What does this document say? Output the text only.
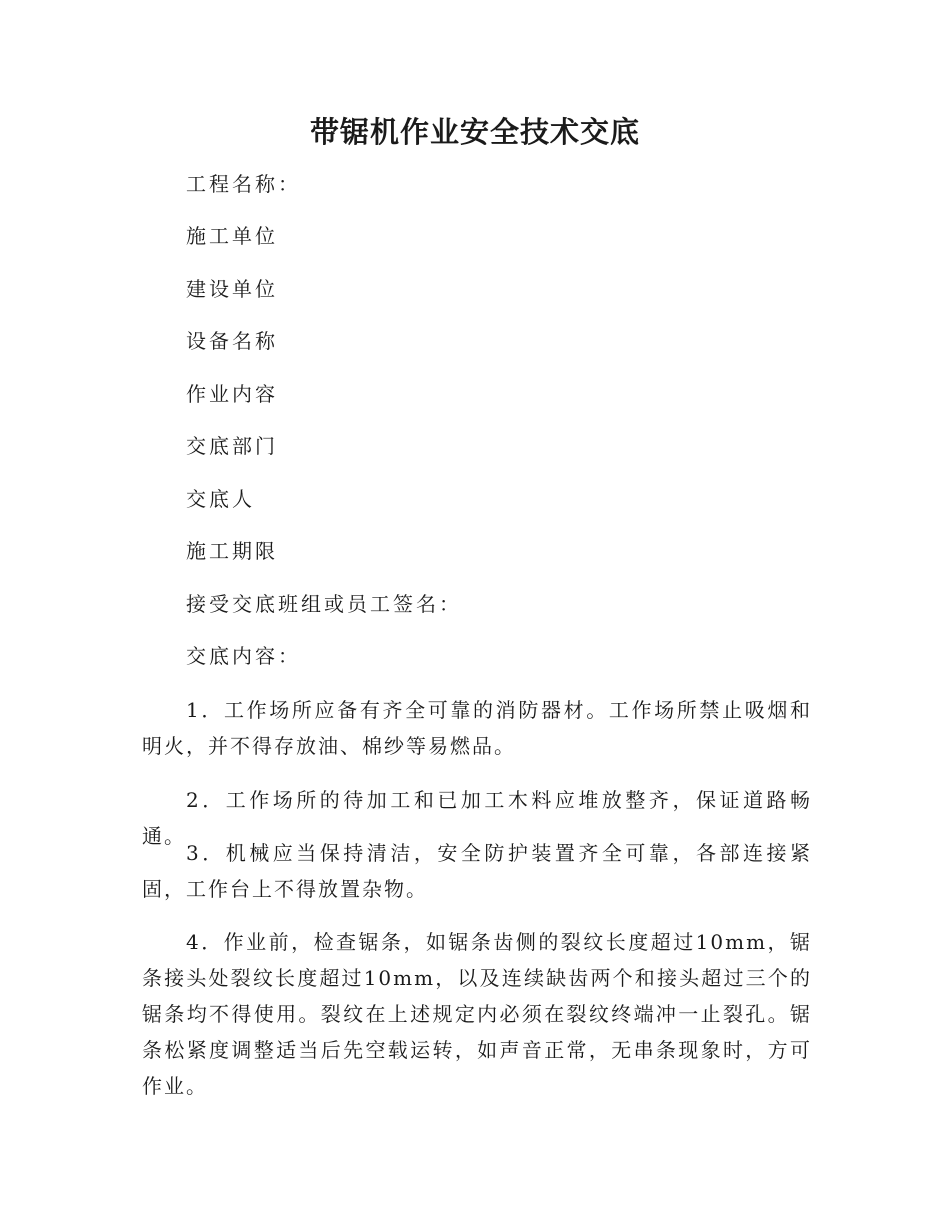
带锯机作业安全技术交底
工程名称：
施工单位
建设单位
设备名称
作业内容
交底部门
交底人
施工期限
接受交底班组或员工签名：
交底内容：
1．工作场所应备有齐全可靠的消防器材。工作场所禁止吸烟和明火，并不得存放油、棉纱等易燃品。
2．工作场所的待加工和已加工木料应堆放整齐，保证道路畅通。
3．机械应当保持清洁，安全防护装置齐全可靠，各部连接紧固，工作台上不得放置杂物。
4．作业前，检查锯条，如锯条齿侧的裂纹长度超过10mm，锯条接头处裂纹长度超过10mm，以及连续缺齿两个和接头超过三个的锯条均不得使用。裂纹在上述规定内必须在裂纹终端冲一止裂孔。锯条松紧度调整适当后先空载运转，如声音正常，无串条现象时，方可作业。
